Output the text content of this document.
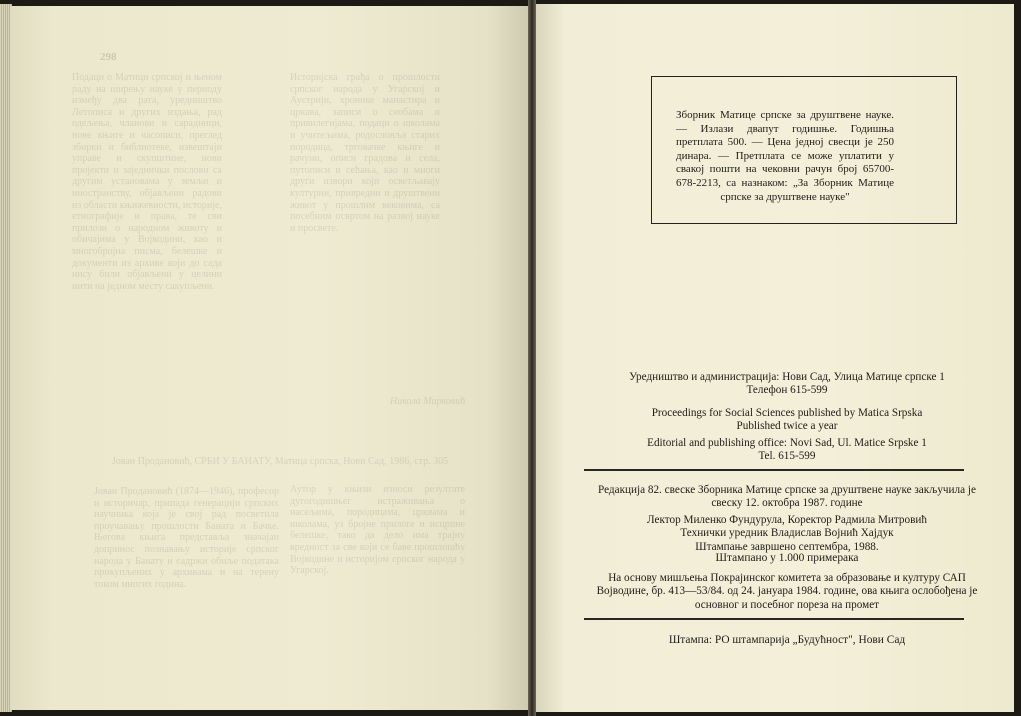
298
Подаци о Матици српској и њеном раду на ширењу науке у периоду између два рата, уредништво Летописа и других издања, рад одељења, чланови и сарадници, нове књиге и часописи, преглед збирки и библиотеке, извештаји управе и скупштине, нови пројекти и заједнички послови са другим установама у земљи и иностранству, објављени радови из области књижевности, историје, етнографије и права, те сви прилози о народном животу и обичајима у Војводини, као и многобројна писма, белешке и документи из архиве који до сада нису били објављени у целини нити на једном месту сакупљени.
Историјска грађа о прошлости српског народа у Угарској и Аустрији, хронике манастира и цркава, записи о сеобама и привилегијама, подаци о школама и учитељима, родословља старих породица, трговачке књиге и рачуни, описи градова и села, путописи и сећања, као и многи други извори који осветљавају културни, привредни и друштвени живот у прошлим вековима, са посебним освртом на развој науке и просвете.
Никола Мирковић
Јован Продановић, СРБИ У БАНАТУ, Матица српска, Нови Сад, 1986, стр. 305
Јован Продановић (1874—1946), професор и историчар, припада генерацији српских научника која је свој рад посветила проучавању прошлости Баната и Бачке. Његова књига представља значајан допринос познавању историје српског народа у Банату и садржи обиље података прикупљених у архивама и на терену током многих година.
Аутор у књизи износи резултате дугогодишњег истраживања о насељима, породицама, црквама и школама, уз бројне прилоге и исцрпне белешке, тако да дело има трајну вредност за све који се баве прошлошћу Војводине и историјом српског народа у Угарској.
Зборник Матице српске за друштвене науке. — Излази двапут годишње. Годишња претплата 500. — Цена једној свесци је 250 динара. — Претплата се може уплатити у свакој пошти на чековни рачун број 65700-678-2213, са назнаком: „За Зборник Матице српске за друштвене науке"
Уредништво и администрација: Нови Сад, Улица Матице српске 1
Телефон 615-599
Proceedings for Social Sciences published by Matica Srpska
Published twice a year
Editorial and publishing office: Novi Sad, Ul. Matice Srpske 1
Tel. 615-599
Редакција 82. свеске Зборника Матице српске за друштвене науке закључила је
свеску 12. октобра 1987. године
Лектор Миленко Фундурула, Коректор Радмила Митровић
Технички уредник Владислав Војнић Хајдук
Штампање завршено септембра, 1988.
Штампано у 1.000 примерака
На основу мишљења Покрајинског комитета за образовање и културу САП
Војводине, бр. 413—53/84. од 24. јануара 1984. године, ова књига ослобођена је
основног и посебног пореза на промет
Штампа: РО штампарија „Будућност", Нови Сад
